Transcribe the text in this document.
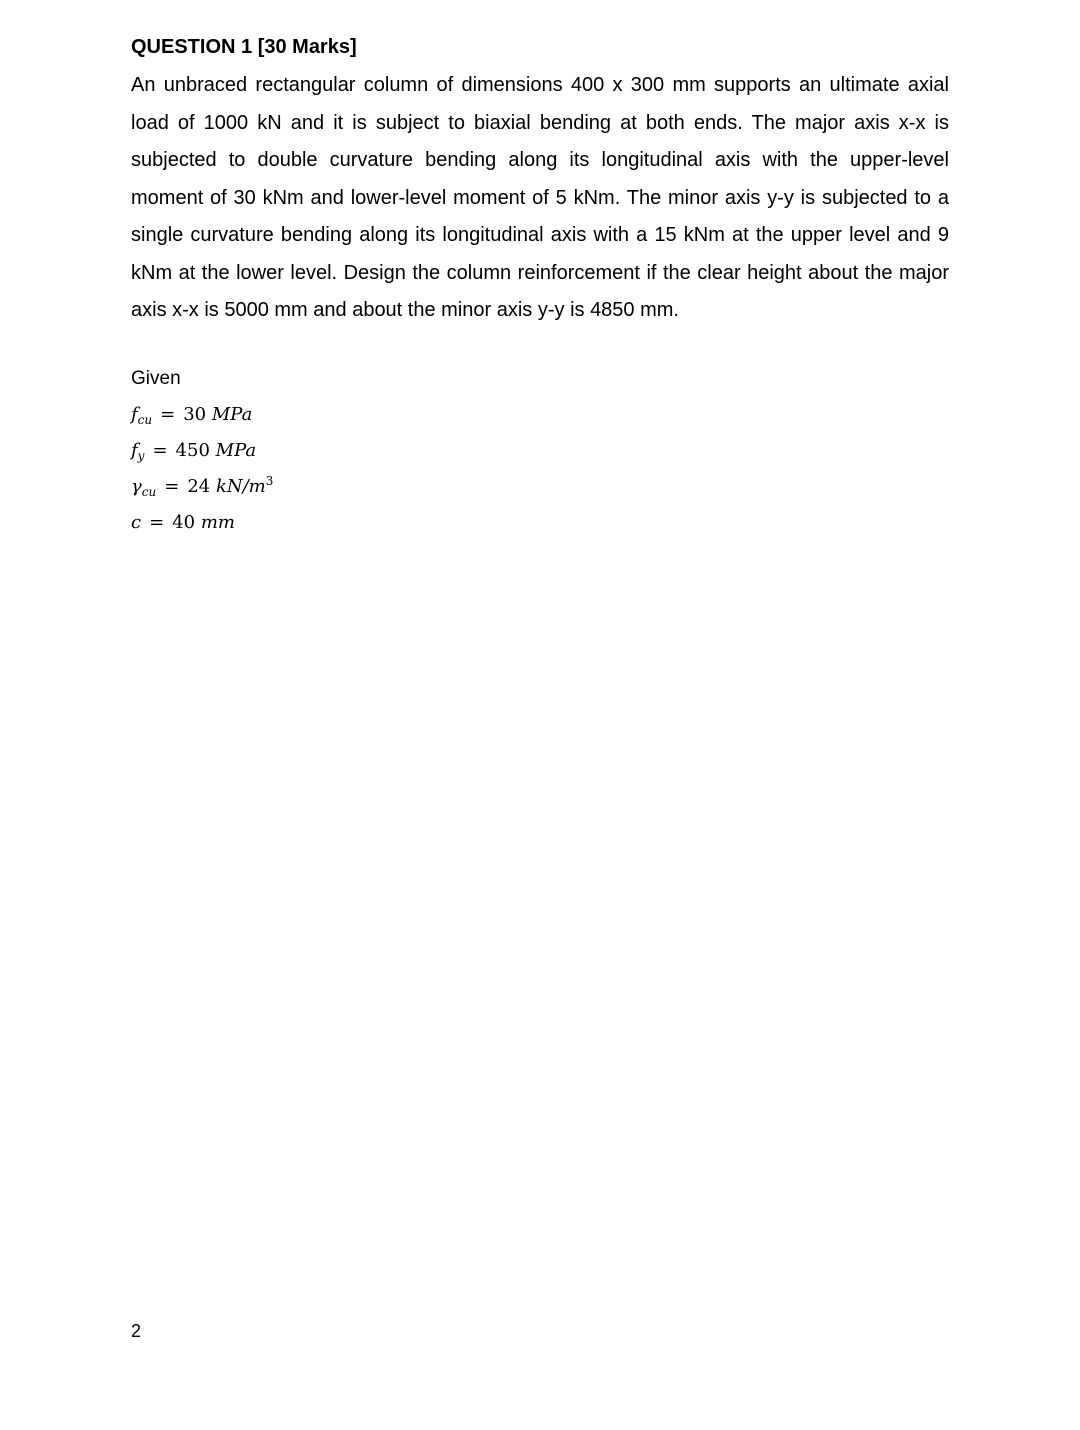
QUESTION 1 [30 Marks]

An unbraced rectangular column of dimensions 400 x 300 mm supports an ultimate axial load of 1000 kN and it is subject to biaxial bending at both ends. The major axis x-x is subjected to double curvature bending along its longitudinal axis with the upper-level moment of 30 kNm and lower-level moment of 5 kNm. The minor axis y-y is subjected to a single curvature bending along its longitudinal axis with a 15 kNm at the upper level and 9 kNm at the lower level. Design the column reinforcement if the clear height about the major axis x-x is 5000 mm and about the minor axis y-y is 4850 mm.

Given
$f_{cu} = 30$ MPa
$f_y = 450$ MPa
$\gamma_{cu} = 24$ $kN/m^3$
c = 40 mm
2
